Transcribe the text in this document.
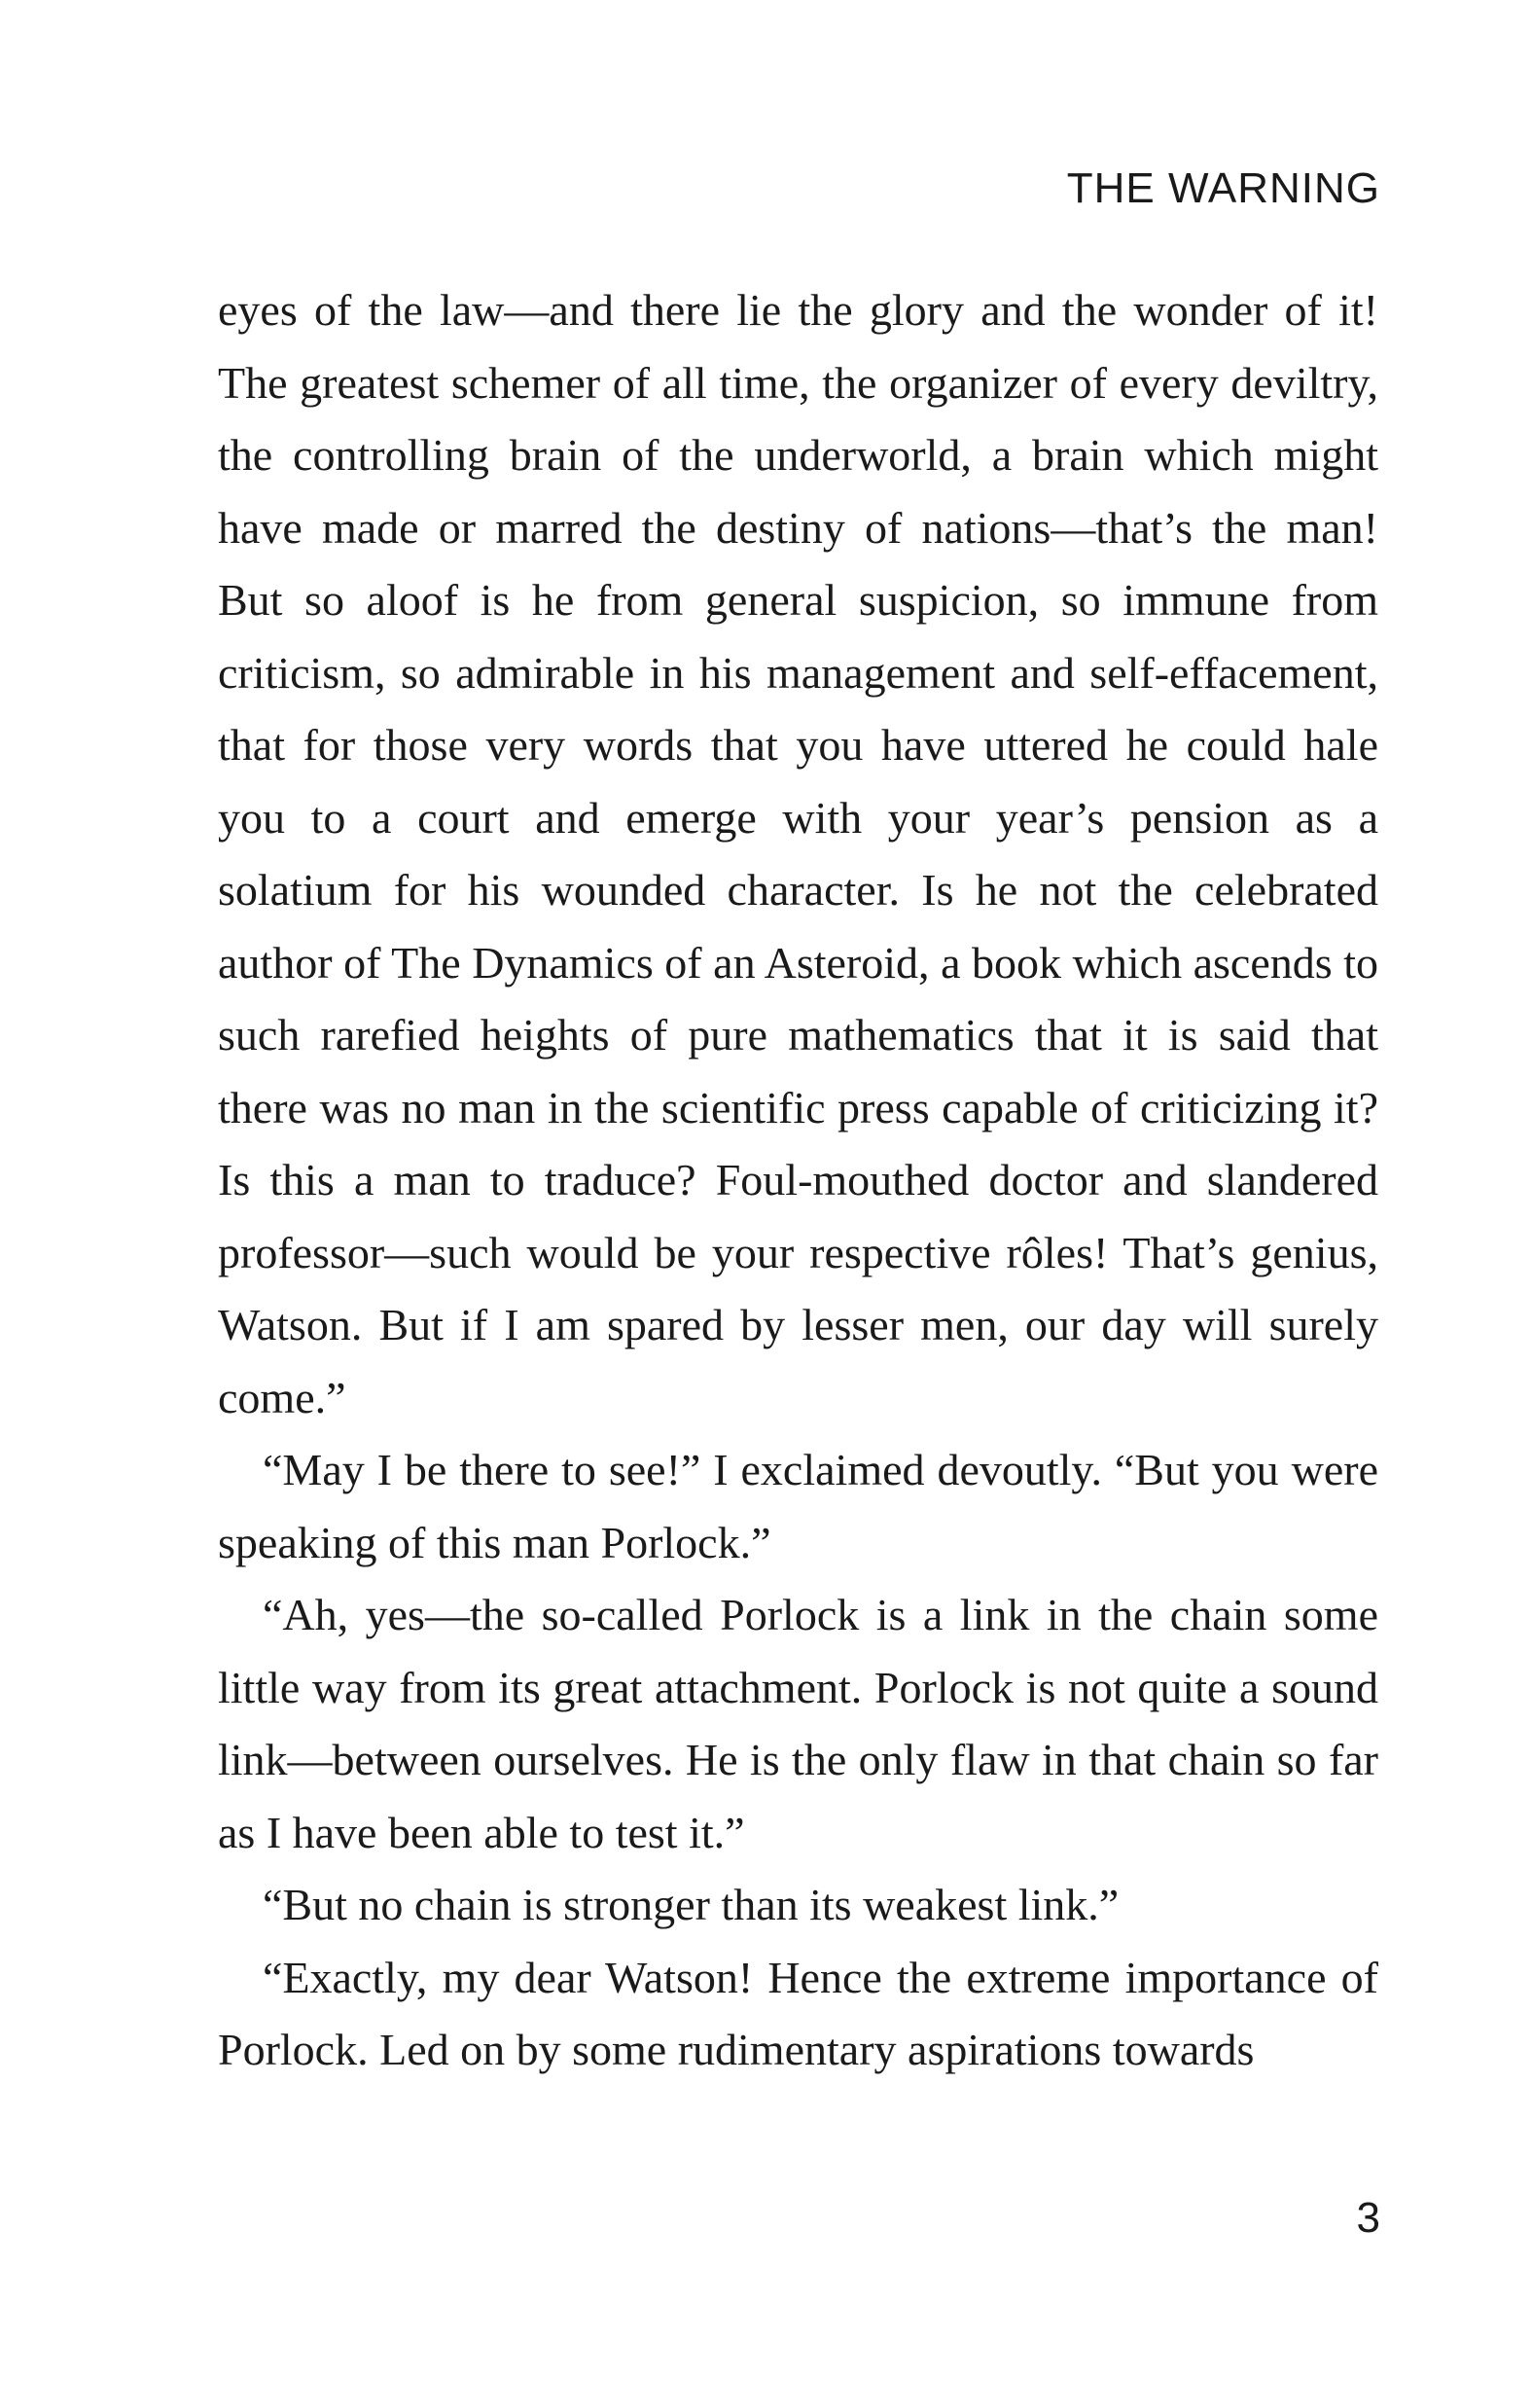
THE WARNING

eyes of the law—and there lie the glory and the wonder of it! The greatest schemer of all time, the organizer of every deviltry, the controlling brain of the underworld, a brain which might have made or marred the destiny of nations—that’s the man! But so aloof is he from general suspicion, so immune from criticism, so admirable in his management and self-effacement, that for those very words that you have uttered he could hale you to a court and emerge with your year’s pension as a solatium for his wounded character. Is he not the celebrated author of The Dynamics of an Asteroid, a book which ascends to such rarefied heights of pure mathematics that it is said that there was no man in the scientific press capable of criticizing it? Is this a man to traduce? Foul-mouthed doctor and slandered professor—such would be your respective rôles! That’s genius, Watson. But if I am spared by lesser men, our day will surely come.”

“May I be there to see!” I exclaimed devoutly. “But you were speaking of this man Porlock.”

“Ah, yes—the so-called Porlock is a link in the chain some little way from its great attachment. Porlock is not quite a sound link—between ourselves. He is the only flaw in that chain so far as I have been able to test it.”

“But no chain is stronger than its weakest link.”

“Exactly, my dear Watson! Hence the extreme importance of Porlock. Led on by some rudimentary aspirations towards

3
